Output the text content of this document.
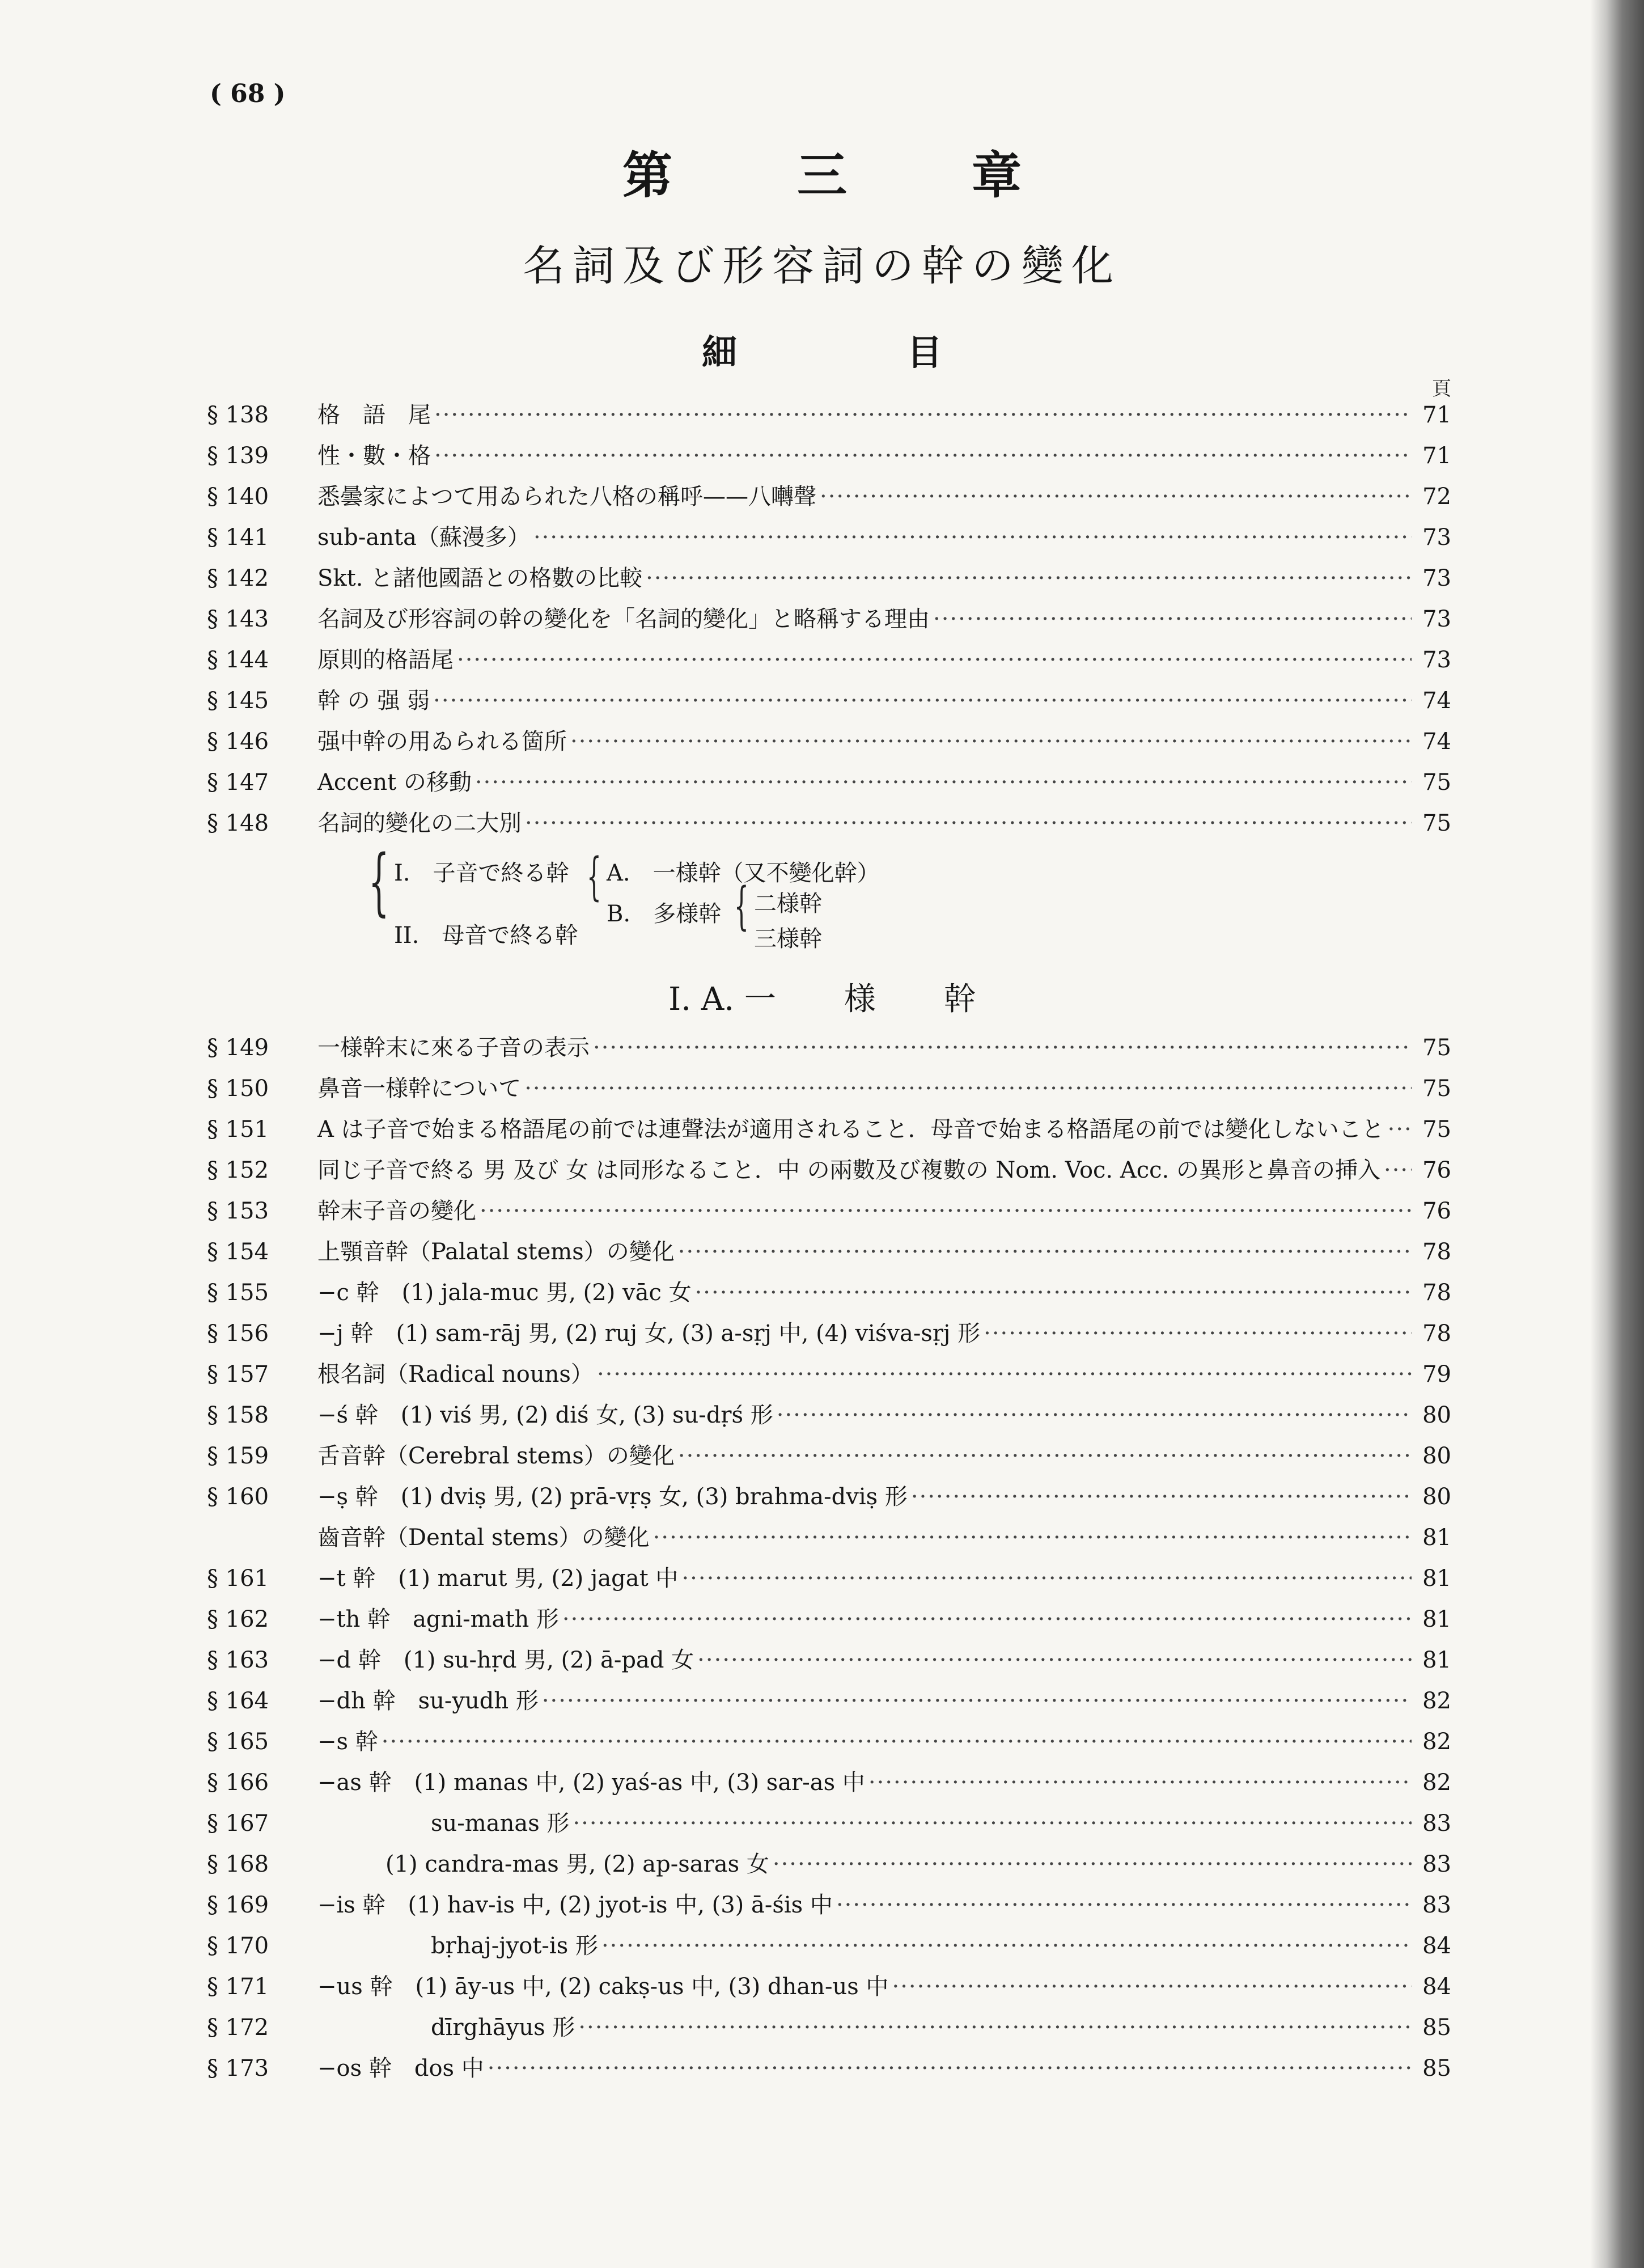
( 68 )
第	三	章
名詞及び形容詞の幹の變化
細	目
頁
§ 138	格　語　尾 ·····	71
§ 139	性・數・格 ·····	71
§ 140	悉曇家によつて用ゐられた八格の稱呼——八囀聲 ·····	72
§ 141	sub-anta（蘇漫多） ·····	73
§ 142	Skt. と諸他國語との格數の比較 ·····	73
§ 143	名詞及び形容詞の幹の變化を「名詞的變化」と略稱する理由 ·····	73
§ 144	原則的格語尾 ·····	73
§ 145	幹 の 强 弱 ·····	74
§ 146	强中幹の用ゐられる箇所 ·····	74
§ 147	Accent の移動 ·····	75
§ 148	名詞的變化の二大別 ·····	75
{ I.　子音で終る幹
II.　母音で終る幹
{ A.　一様幹（又不變化幹）
B.　多様幹 { 二様幹
三様幹
I. A. 一 様 幹
§ 149	一様幹末に來る子音の表示 ·····	75
§ 150	鼻音一様幹について ·····	75
§ 151	A は子音で始まる格語尾の前では連聲法が適用されること．母音で始まる格語尾の前では變化しないこと ·····	75
§ 152	同じ子音で終る 男 及び 女 は同形なること．中 の兩數及び複數の Nom. Voc. Acc. の異形と鼻音の挿入 ·····	76
§ 153	幹末子音の變化 ·····	76
§ 154	上顎音幹（Palatal stems）の變化 ·····	78
§ 155	−c 幹　(1) jala-muc 男, (2) vāc 女 ·····	78
§ 156	−j 幹　(1) sam-rāj 男, (2) ruj 女, (3) a-sṛj 中, (4) viśva-sṛj 形 ·····	78
§ 157	根名詞（Radical nouns） ·····	79
§ 158	−ś 幹　(1) viś 男, (2) diś 女, (3) su-dṛś 形 ·····	80
§ 159	舌音幹（Cerebral stems）の變化 ·····	80
§ 160	−ṣ 幹　(1) dviṣ 男, (2) prā-vṛṣ 女, (3) brahma-dviṣ 形 ·····	80
齒音幹（Dental stems）の變化 ·····	81
§ 161	−t 幹　(1) marut 男, (2) jagat 中 ·····	81
§ 162	−th 幹　agni-math 形 ·····	81
§ 163	−d 幹　(1) su-hṛd 男, (2) ā-pad 女 ·····	81
§ 164	−dh 幹　su-yudh 形 ·····	82
§ 165	−s 幹 ·····	82
§ 166	−as 幹　(1) manas 中, (2) yaś-as 中, (3) sar-as 中 ·····	82
§ 167	　　　　　su-manas 形 ·····	83
§ 168	　　　(1) candra-mas 男, (2) ap-saras 女 ·····	83
§ 169	−is 幹　(1) hav-is 中, (2) jyot-is 中, (3) ā-śis 中 ·····	83
§ 170	　　　　　bṛhaj-jyot-is 形 ·····	84
§ 171	−us 幹　(1) āy-us 中, (2) cakṣ-us 中, (3) dhan-us 中 ·····	84
§ 172	　　　　　dīrghāyus 形 ·····	85
§ 173	−os 幹　dos 中 ·····	85
